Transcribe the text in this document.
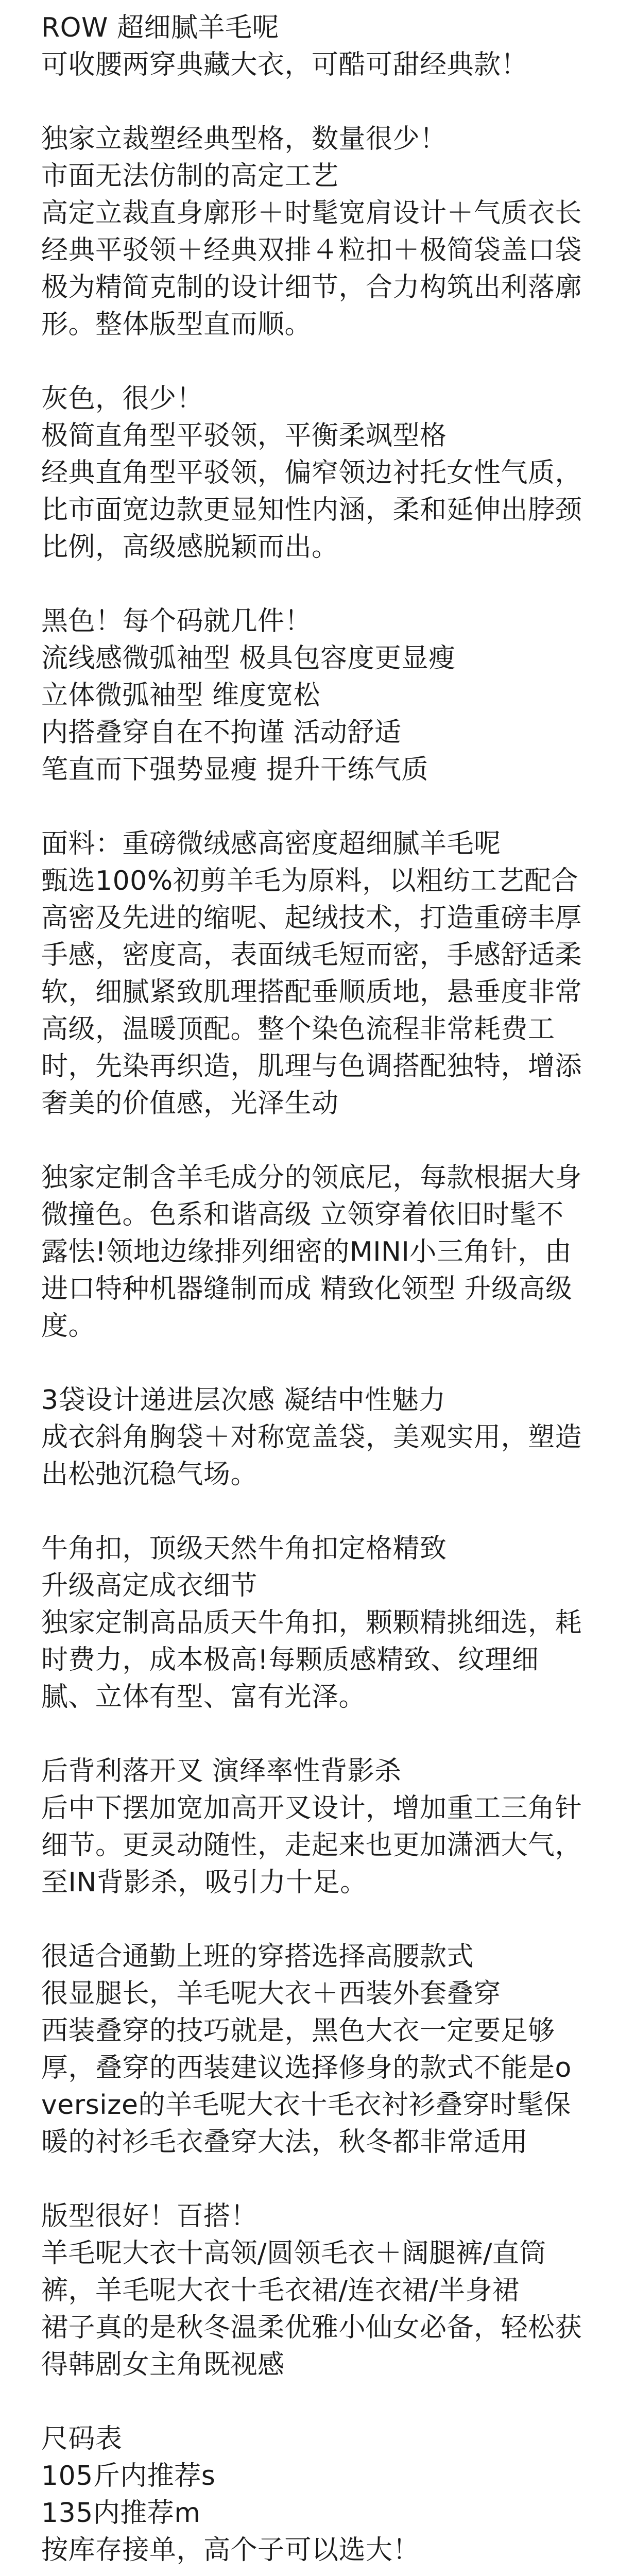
ROW 超细腻羊毛呢
可收腰两穿典藏大衣，可酷可甜经典款！
独家立裁塑经典型格，数量很少！
市面无法仿制的高定工艺
高定立裁直身廓形＋时髦宽肩设计＋气质衣长经典平驳领＋经典双排４粒扣＋极简袋盖口袋
极为精简克制的设计细节，合力构筑出利落廓形。整体版型直而顺。
灰色，很少！
极简直角型平驳领，平衡柔飒型格
经典直角型平驳领，偏窄领边衬托女性气质，比市面宽边款更显知性内涵，柔和延伸出脖颈比例，高级感脱颖而出。
黑色！每个码就几件！
流线感微弧袖型 极具包容度更显瘦
立体微弧袖型 维度宽松
内搭叠穿自在不拘谨 活动舒适
笔直而下强势显瘦 提升干练气质
面料：重磅微绒感高密度超细腻羊毛呢
甄选100%初剪羊毛为原料，以粗纺工艺配合高密及先进的缩呢、起绒技术，打造重磅丰厚手感，密度高，表面绒毛短而密，手感舒适柔软，细腻紧致肌理搭配垂顺质地，悬垂度非常高级，温暖顶配。整个染色流程非常耗费工时，先染再织造，肌理与色调搭配独特，增添奢美的价值感，光泽生动
独家定制含羊毛成分的领底尼，每款根据大身微撞色。色系和谐高级 立领穿着依旧时髦不露怯!领地边缘排列细密的MINI小三角针，由进口特种机器缝制而成 精致化领型 升级高级度。
3袋设计递进层次感 凝结中性魅力
成衣斜角胸袋＋对称宽盖袋，美观实用，塑造出松弛沉稳气场。
牛角扣，顶级天然牛角扣定格精致
升级高定成衣细节
独家定制高品质天牛角扣，颗颗精挑细选，耗时费力，成本极高!每颗质感精致、纹理细腻、立体有型、富有光泽。
后背利落开叉 演绎率性背影杀
后中下摆加宽加高开叉设计，增加重工三角针细节。更灵动随性，走起来也更加潇洒大气，至IN背影杀，吸引力十足。
很适合通勤上班的穿搭选择高腰款式
很显腿长，羊毛呢大衣＋西装外套叠穿
西装叠穿的技巧就是，黑色大衣一定要足够厚，叠穿的西装建议选择修身的款式不能是oversize的羊毛呢大衣十毛衣衬衫叠穿时髦保暖的衬衫毛衣叠穿大法，秋冬都非常适用
版型很好！百搭！
羊毛呢大衣十高领/圆领毛衣＋阔腿裤/直筒裤，羊毛呢大衣十毛衣裙/连衣裙/半身裙
裙子真的是秋冬温柔优雅小仙女必备，轻松获得韩剧女主角既视感
尺码表
105斤内推荐s
135内推荐m
按库存接单，高个子可以选大！
